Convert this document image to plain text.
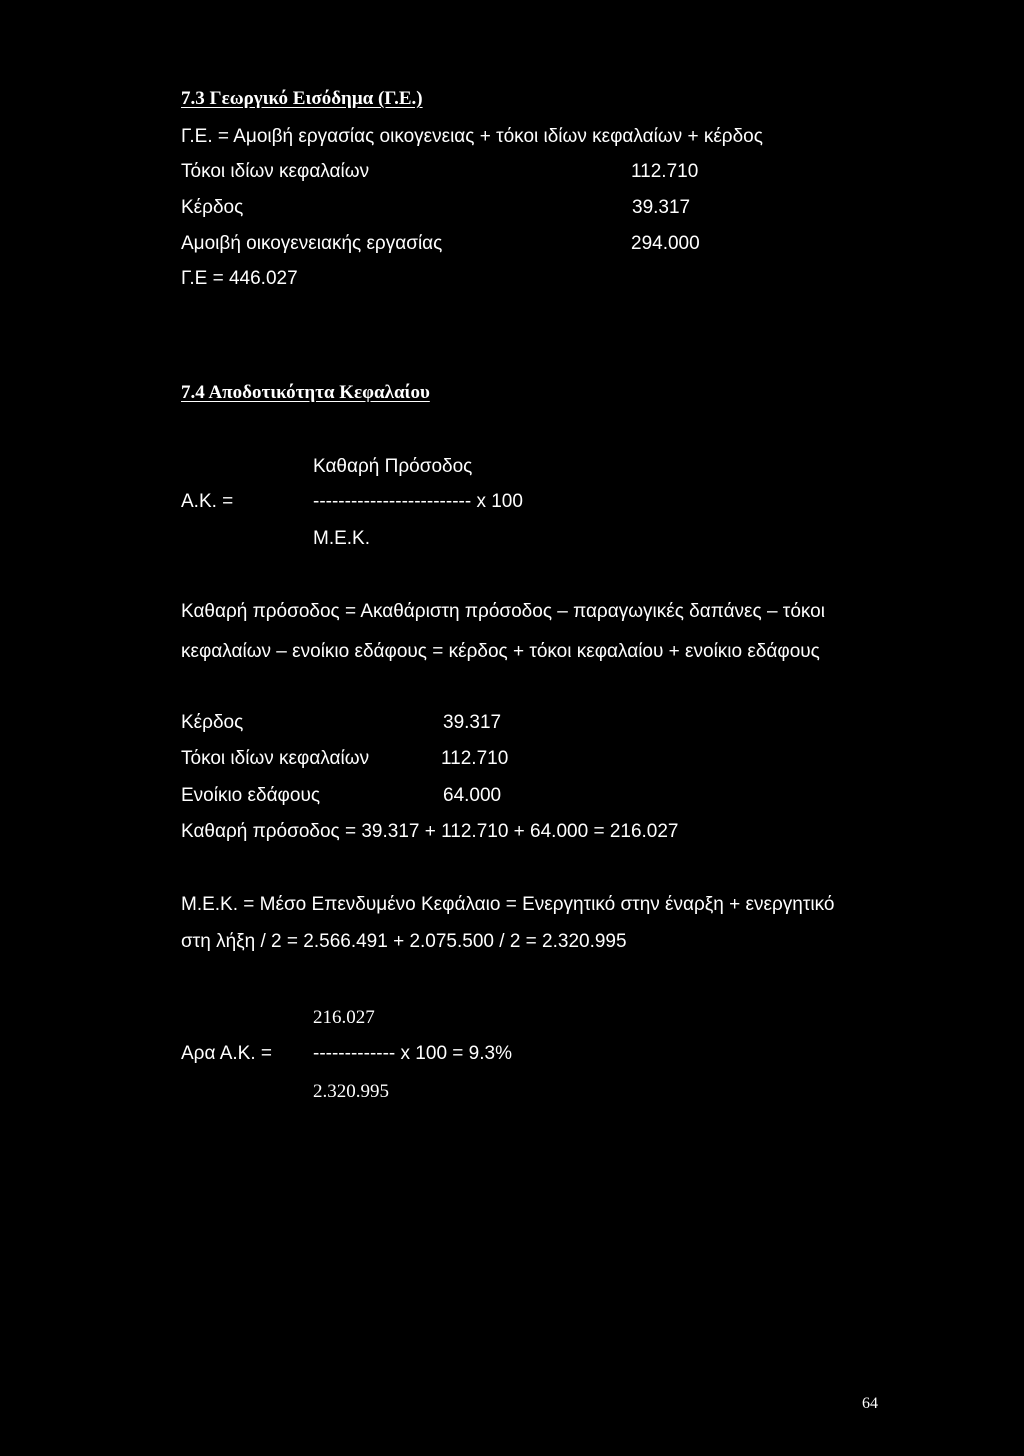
7.3 Γεωργικό Εισόδημα (Γ.Ε.)
Γ.Ε. = Αμοιβή εργασίας οικογενειας + τόκοι ιδίων κεφαλαίων + κέρδος
Τόκοι ιδίων κεφαλαίων	112.710
Κέρδος	39.317
Αμοιβή οικογενειακής εργασίας	294.000
Γ.Ε = 446.027
7.4 Αποδοτικότητα Κεφαλαίου
Καθαρή Πρόσοδος
Α.Κ. =	------------------------- x 100
Μ.Ε.Κ.
Καθαρή πρόσοδος = Ακαθάριστη πρόσοδος – παραγωγικές δαπάνες – τόκοι
κεφαλαίων – ενοίκιο εδάφους = κέρδος + τόκοι κεφαλαίου + ενοίκιο εδάφους
Κέρδος	39.317
Τόκοι ιδίων κεφαλαίων	112.710
Ενοίκιο εδάφους	64.000
Καθαρή πρόσοδος = 39.317 + 112.710 + 64.000 = 216.027
Μ.Ε.Κ. = Μέσο Επενδυμένο Κεφάλαιο = Ενεργητικό στην έναρξη + ενεργητικό
στη λήξη / 2 = 2.566.491 + 2.075.500 / 2 = 2.320.995
216.027
Αρα Α.Κ. = ------------- x 100 = 9.3%
2.320.995
64
